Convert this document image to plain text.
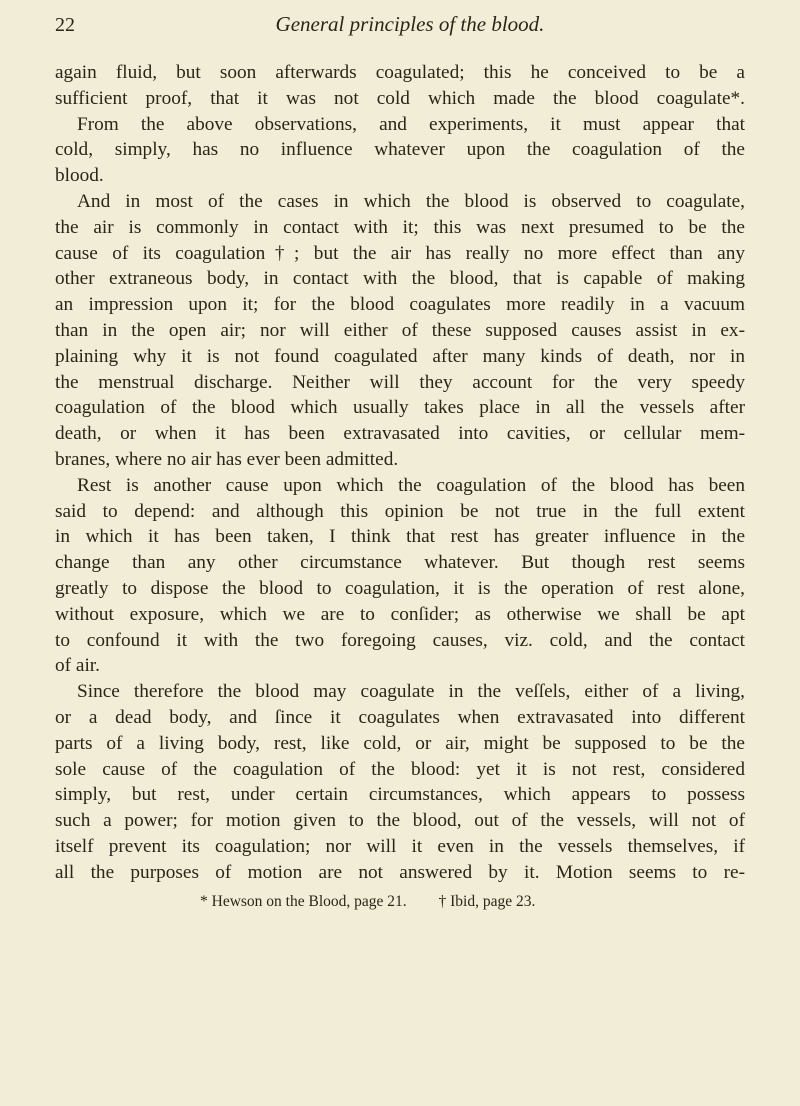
22	General principles of the blood.
again fluid, but soon afterwards coagulated; this he conceived to be a
sufficient proof, that it was not cold which made the blood coagulate*.
From the above observations, and experiments, it must appear that
cold, simply, has no influence whatever upon the coagulation of the
blood.
And in most of the cases in which the blood is observed to coagulate,
the air is commonly in contact with it; this was next presumed to be the
cause of its coagulation†; but the air has really no more effect than any
other extraneous body, in contact with the blood, that is capable of making
an impression upon it; for the blood coagulates more readily in a vacuum
than in the open air; nor will either of these supposed causes assist in ex-
plaining why it is not found coagulated after many kinds of death, nor in
the menstrual discharge. Neither will they account for the very speedy
coagulation of the blood which usually takes place in all the vessels after
death, or when it has been extravasated into cavities, or cellular mem-
branes, where no air has ever been admitted.
Rest is another cause upon which the coagulation of the blood has been
said to depend: and although this opinion be not true in the full extent
in which it has been taken, I think that rest has greater influence in the
change than any other circumstance whatever. But though rest seems
greatly to dispose the blood to coagulation, it is the operation of rest alone,
without exposure, which we are to conſider; as otherwise we shall be apt
to confound it with the two foregoing causes, viz. cold, and the contact
of air.
Since therefore the blood may coagulate in the veſſels, either of a living,
or a dead body, and ſince it coagulates when extravasated into different
parts of a living body, rest, like cold, or air, might be supposed to be the
sole cause of the coagulation of the blood: yet it is not rest, considered
simply, but rest, under certain circumstances, which appears to possess
such a power; for motion given to the blood, out of the vessels, will not of
itself prevent its coagulation; nor will it even in the vessels themselves, if
all the purposes of motion are not answered by it. Motion seems to re-
* Hewson on the Blood, page 21. † Ibid, page 23.
